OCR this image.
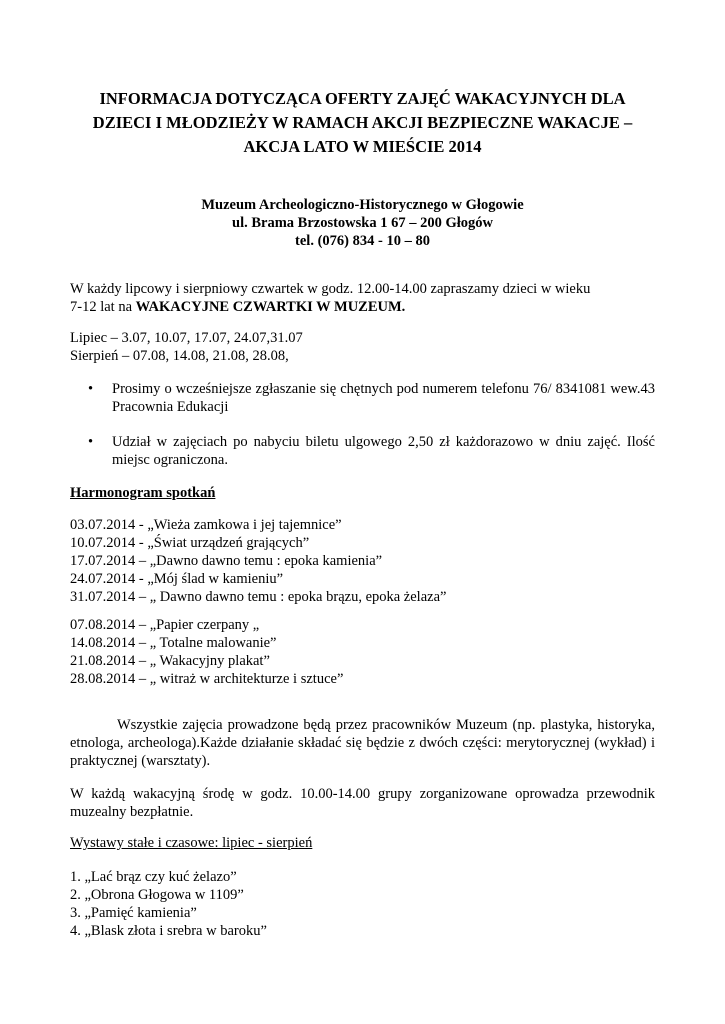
INFORMACJA DOTYCZĄCA OFERTY ZAJĘĆ WAKACYJNYCH DLA
DZIECI I MŁODZIEŻY W RAMACH AKCJI BEZPIECZNE WAKACJE –
AKCJA LATO W MIEŚCIE 2014
Muzeum Archeologiczno-Historycznego w Głogowie
ul. Brama Brzostowska 1 67 – 200 Głogów
tel. (076) 834 - 10 – 80
W każdy lipcowy i sierpniowy czwartek w godz. 12.00-14.00 zapraszamy dzieci w wieku
7-12 lat na WAKACYJNE CZWARTKI W MUZEUM.
Lipiec – 3.07, 10.07, 17.07, 24.07,31.07
Sierpień – 07.08, 14.08, 21.08, 28.08,
• Prosimy o wcześniejsze zgłaszanie się chętnych pod numerem telefonu 76/ 8341081 wew.43 Pracownia Edukacji
• Udział w zajęciach po nabyciu biletu ulgowego 2,50 zł każdorazowo w dniu zajęć. Ilość miejsc ograniczona.
Harmonogram spotkań
03.07.2014 - „Wieża zamkowa i jej tajemnice”
10.07.2014 - „Świat urządzeń grających”
17.07.2014 – „Dawno dawno temu : epoka kamienia”
24.07.2014 - „Mój ślad w kamieniu”
31.07.2014 – „ Dawno dawno temu : epoka brązu, epoka żelaza”
07.08.2014 – „Papier czerpany „
14.08.2014 – „ Totalne malowanie”
21.08.2014 – „ Wakacyjny plakat”
28.08.2014 – „ witraż w architekturze i sztuce”
Wszystkie zajęcia prowadzone będą przez pracowników Muzeum (np. plastyka, historyka, etnologa, archeologa).Każde działanie składać się będzie z dwóch części: merytorycznej (wykład) i praktycznej (warsztaty).
W każdą wakacyjną środę w godz. 10.00-14.00 grupy zorganizowane oprowadza przewodnik muzealny bezpłatnie.
Wystawy stałe i czasowe: lipiec - sierpień
1. „Lać brąz czy kuć żelazo”
2. „Obrona Głogowa w 1109”
3. „Pamięć kamienia”
4. „Blask złota i srebra w baroku”
